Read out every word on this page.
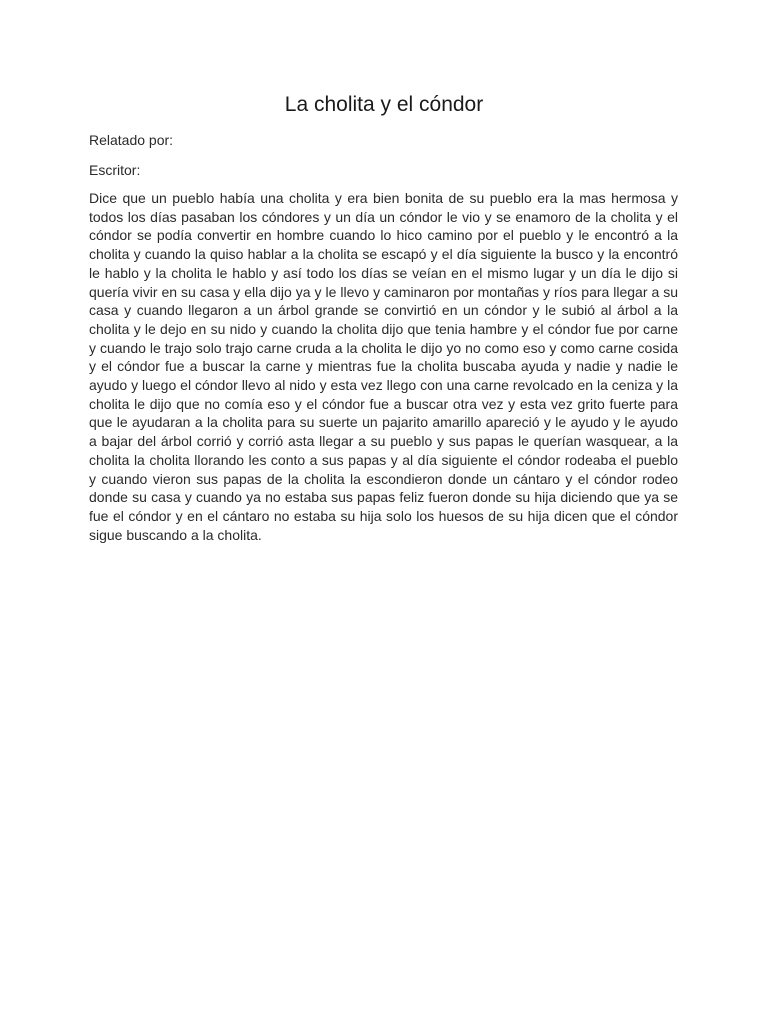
La cholita y el cóndor

Relatado por:

Escritor:

Dice que un pueblo había una cholita y era bien bonita de su pueblo era la mas hermosa y todos los días pasaban los cóndores y un día un cóndor le vio y se enamoro de la cholita y el cóndor se podía convertir en hombre cuando lo hico camino por el pueblo y le encontró a la cholita y cuando la quiso hablar a la cholita se escapó y el día siguiente la busco y la encontró le hablo y la cholita le hablo y así todo los días se veían en el mismo lugar y un día le dijo si quería vivir en su casa y ella dijo ya y le llevo y caminaron por montañas y ríos para llegar a su casa y cuando llegaron a un árbol grande se convirtió en un cóndor y le subió al árbol a la cholita y le dejo en su nido y cuando la cholita dijo que tenia hambre y el cóndor fue por carne y cuando le trajo solo trajo carne cruda a la cholita le dijo yo no como eso y como carne cosida y el cóndor fue a buscar la carne y mientras fue la cholita buscaba ayuda y nadie y nadie le ayudo y luego el cóndor llevo al nido y esta vez llego con una carne revolcado en la ceniza y la cholita le dijo que no comía eso y el cóndor fue a buscar otra vez y esta vez grito fuerte para que le ayudaran a la cholita para su suerte un pajarito amarillo apareció y le ayudo y le ayudo a bajar del árbol corrió y corrió asta llegar a su pueblo y sus papas le querían wasquear, a la cholita la cholita llorando les conto a sus papas y al día siguiente el cóndor rodeaba el pueblo y cuando vieron sus papas de la cholita la escondieron donde un cántaro y el cóndor rodeo donde su casa y cuando ya no estaba sus papas feliz fueron donde su hija diciendo que ya se fue el cóndor y en el cántaro no estaba su hija solo los huesos de su hija dicen que el cóndor sigue buscando a la cholita.
